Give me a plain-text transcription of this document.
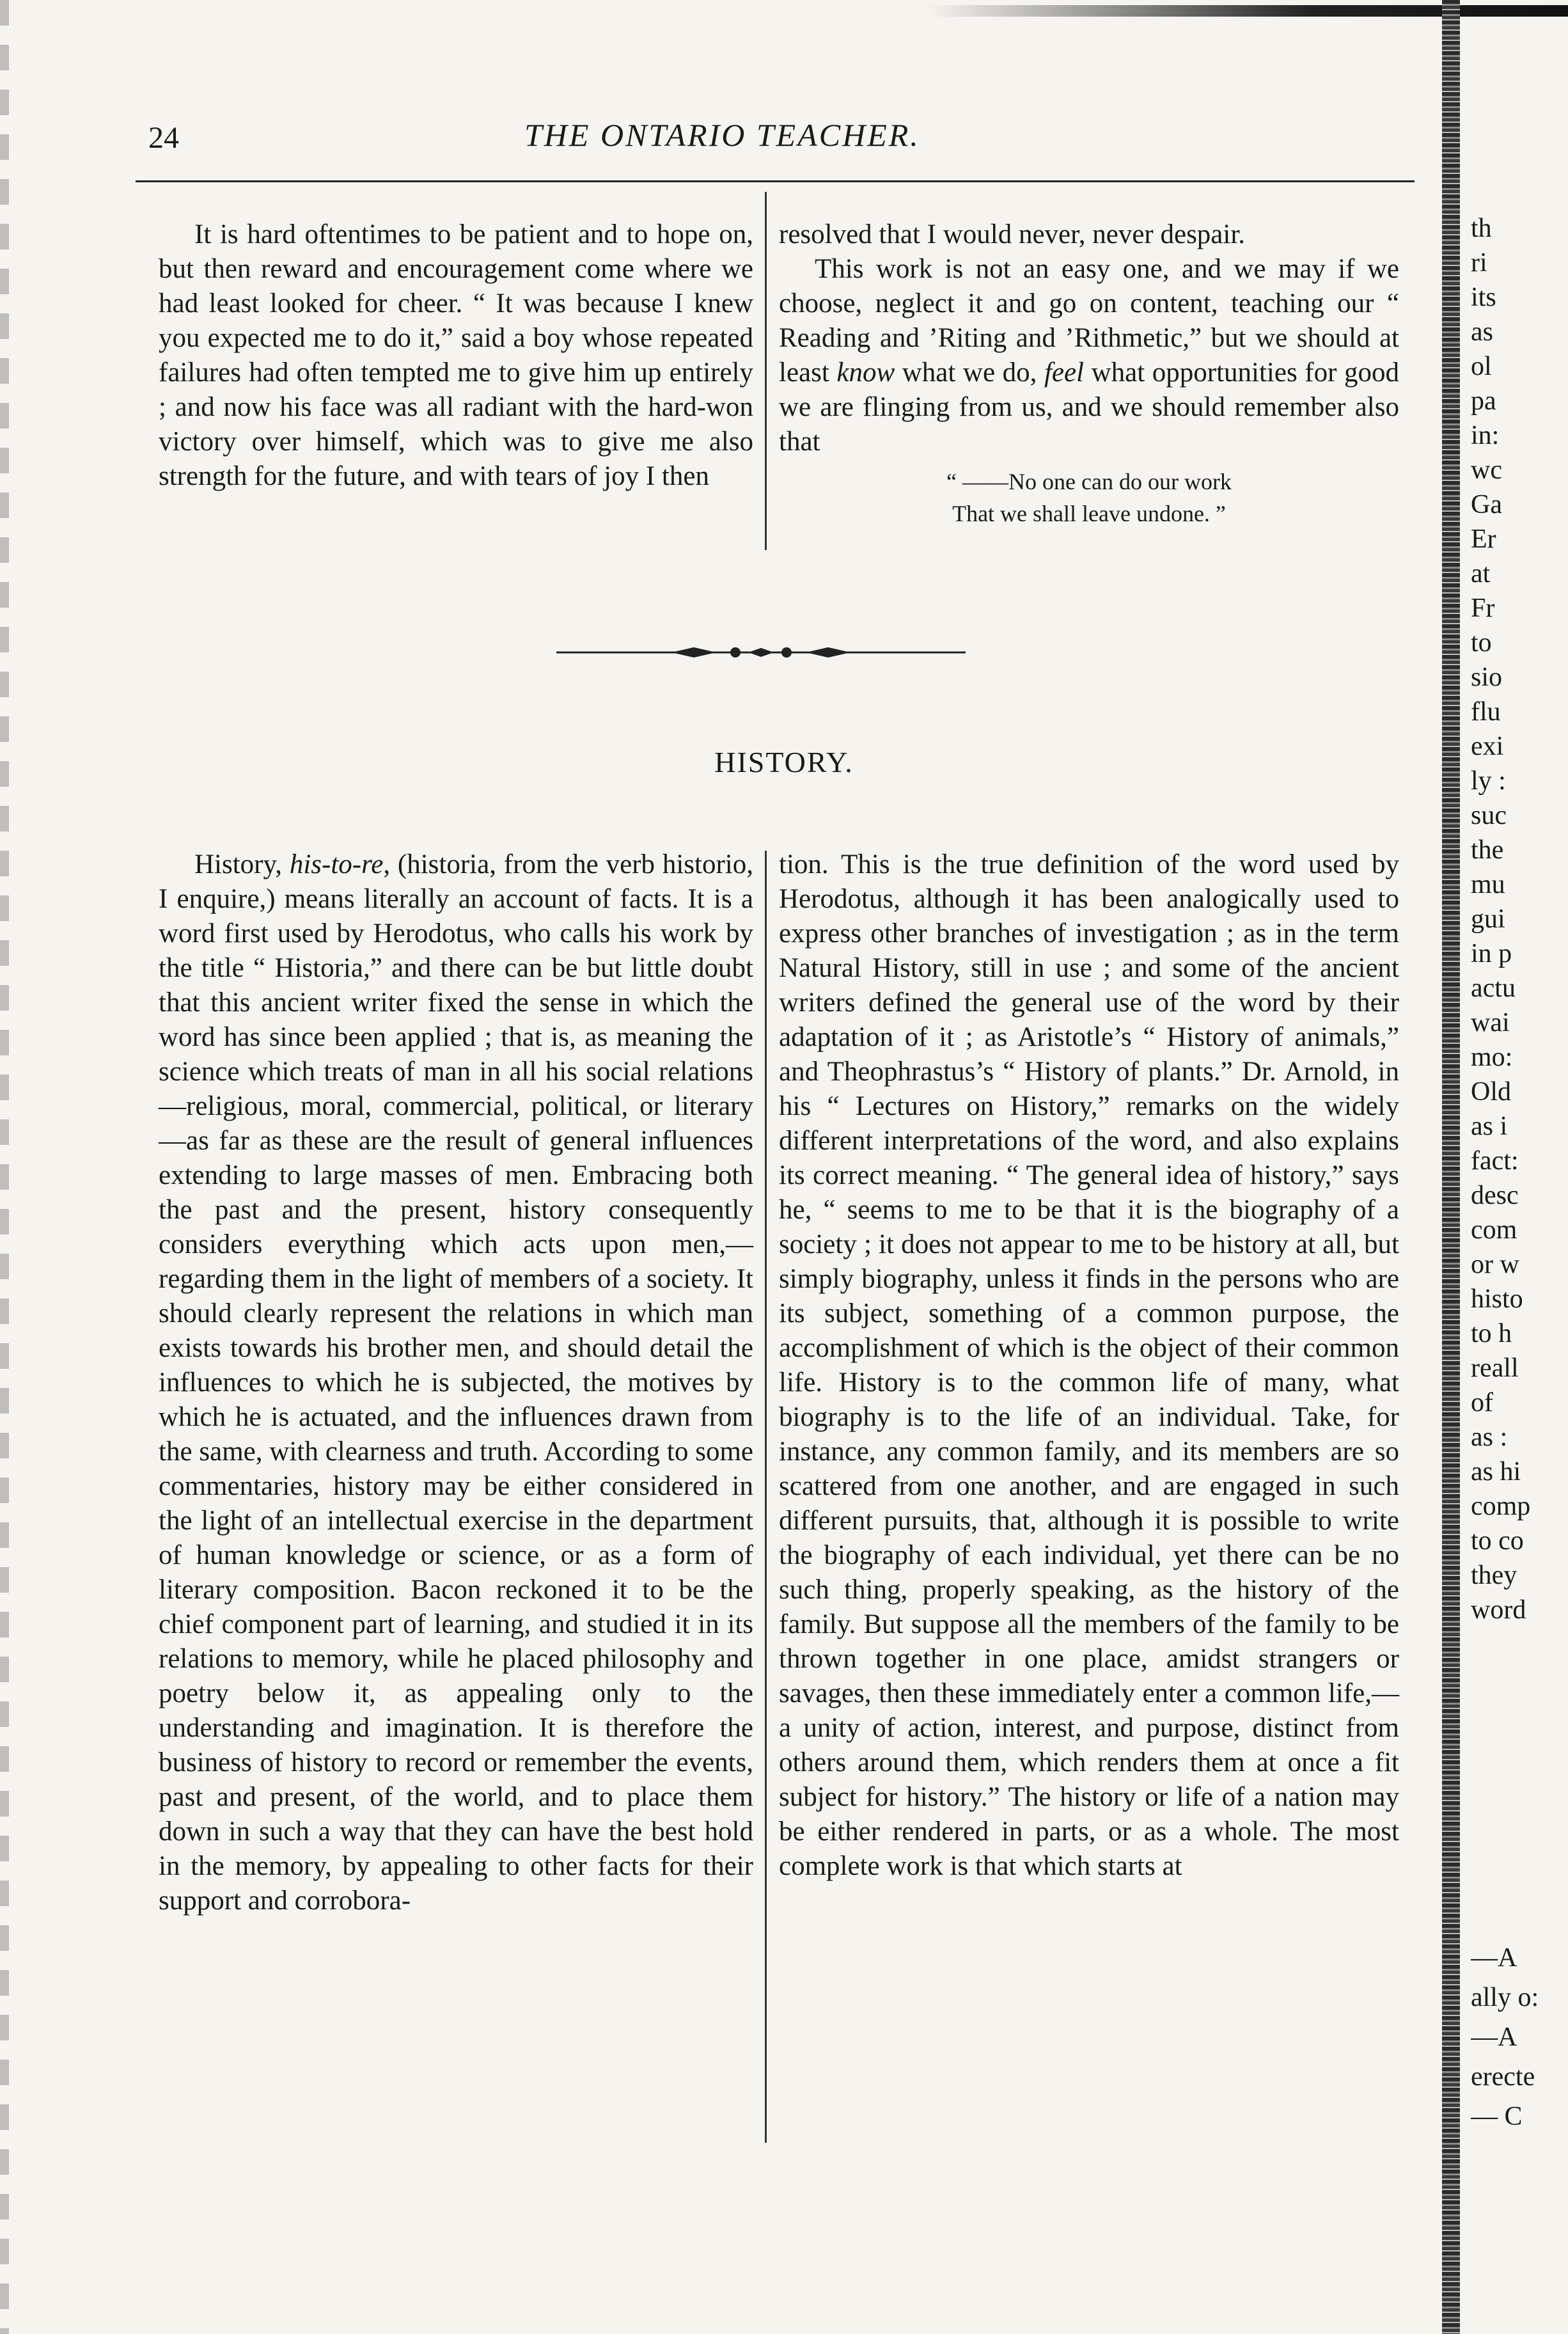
24	THE ONTARIO TEACHER.

It is hard oftentimes to be patient and to hope on, but then reward and encouragement come where we had least looked for cheer. “ It was because I knew you expected me to do it,” said a boy whose repeated failures had often tempted me to give him up entirely ; and now his face was all radiant with the hard-won victory over himself, which was to give me also strength for the future, and with tears of joy I then

resolved that I would never, never despair.

This work is not an easy one, and we may if we choose, neglect it and go on content, teaching our “ Reading and ’Riting and ’Rithmetic,” but we should at least know what we do, feel what opportunities for good we are flinging from us, and we should remember also that

“ ——No one can do our work
That we shall leave undone. ”
HISTORY.

History, his-to-re, (historia, from the verb historio, I enquire,) means literally an account of facts. It is a word first used by Herodotus, who calls his work by the title “ Historia,” and there can be but little doubt that this ancient writer fixed the sense in which the word has since been applied ; that is, as meaning the science which treats of man in all his social relations—religious, moral, commercial, political, or literary—as far as these are the result of general influences extending to large masses of men. Embracing both the past and the present, history consequently considers everything which acts upon men,—regarding them in the light of members of a society. It should clearly represent the relations in which man exists towards his brother men, and should detail the influences to which he is subjected, the motives by which he is actuated, and the influences drawn from the same, with clearness and truth. According to some commentaries, history may be either considered in the light of an intellectual exercise in the department of human knowledge or science, or as a form of literary composition. Bacon reckoned it to be the chief component part of learning, and studied it in its relations to memory, while he placed philosophy and poetry below it, as appealing only to the understanding and imagination. It is therefore the business of history to record or remember the events, past and present, of the world, and to place them down in such a way that they can have the best hold in the memory, by appealing to other facts for their support and corrobora-

tion. This is the true definition of the word used by Herodotus, although it has been analogically used to express other branches of investigation ; as in the term Natural History, still in use ; and some of the ancient writers defined the general use of the word by their adaptation of it ; as Aristotle’s “ History of animals,” and Theophrastus’s “ History of plants.” Dr. Arnold, in his “ Lectures on History,” remarks on the widely different interpretations of the word, and also explains its correct meaning. “ The general idea of history,” says he, “ seems to me to be that it is the biography of a society ; it does not appear to me to be history at all, but simply biography, unless it finds in the persons who are its subject, something of a common purpose, the accomplishment of which is the object of their common life. History is to the common life of many, what biography is to the life of an individual. Take, for instance, any common family, and its members are so scattered from one another, and are engaged in such different pursuits, that, although it is possible to write the biography of each individual, yet there can be no such thing, properly speaking, as the history of the family. But suppose all the members of the family to be thrown together in one place, amidst strangers or savages, then these immediately enter a common life,—a unity of action, interest, and purpose, distinct from others around them, which renders them at once a fit subject for history.” The history or life of a nation may be either rendered in parts, or as a whole. The most complete work is that which starts at

th
ri
its
as
ol
pa
in:
wc
Ga
Er
at
Fr
to
sio
flu
exi
ly :
suc
the
mu
gui
in p
actu
wai
mo:
Old
as i
fact:
desc
com
or w
histo
to h
reall
of
as :
as hi
comp
to co
they
word
—A
ally o:
—A
erecte
— C
